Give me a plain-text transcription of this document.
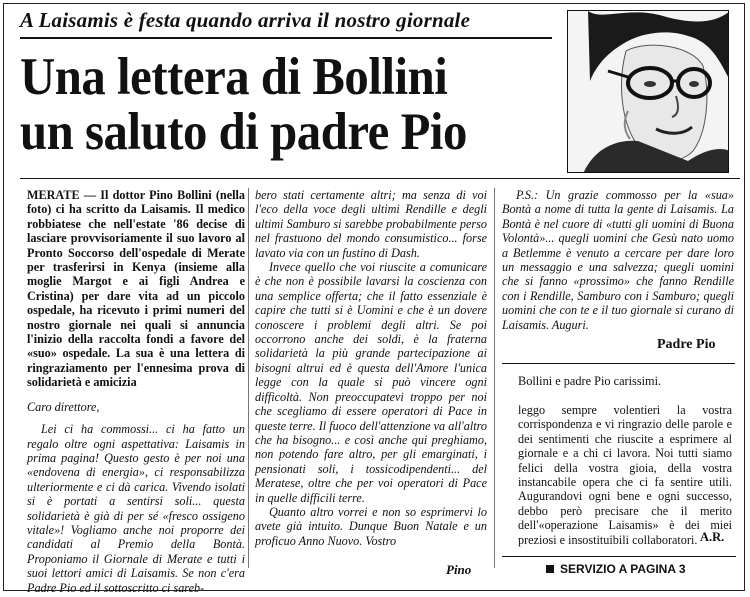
A Laisamis è festa quando arriva il nostro giornale
Una lettera di Bollini
un saluto di padre Pio

MERATE — Il dottor Pino Bollini (nella foto) ci ha scritto da Laisamis. Il medico robbiatese che nell'estate '86 decise di lasciare provvisoriamente il suo lavoro al Pronto Soccorso dell'ospedale di Merate per trasferirsi in Kenya (insieme alla moglie Margot e ai figli Andrea e Cristina) per dare vita ad un piccolo ospedale, ha ricevuto i primi numeri del nostro giornale nei quali si annuncia l'inizio della raccolta fondi a favore del «suo» ospedale. La sua è una lettera di ringraziamento per l'ennesima prova di solidarietà e amicizia

Caro direttore,

Lei ci ha commossi... ci ha fatto un regalo oltre ogni aspettativa: Laisamis in prima pagina! Questo gesto è per noi una «endovena di energia», ci responsabilizza ulteriormente e ci dà carica. Vivendo isolati si è portati a sentirsi soli... questa solidarietà è già di per sé «fresco ossigeno vitale»! Vogliamo anche noi proporre dei candidati al Premio della Bontà. Proponiamo il Giornale di Merate e tutti i suoi lettori amici di Laisamis. Se non c'era Padre Pio ed il sottoscritto ci sareb-

bero stati certamente altri; ma senza di voi l'eco della voce degli ultimi Rendille e degli ultimi Samburo si sarebbe probabilmente perso nel frastuono del mondo consumistico... forse lavato via con un fustino di Dash.

Invece quello che voi riuscite a comunicare è che non è possibile lavarsi la coscienza con una semplice offerta; che il fatto essenziale è capire che tutti si è Uomini e che è un dovere conoscere i problemi degli altri. Se poi occorrono anche dei soldi, è la fraterna solidarietà la più grande partecipazione ai bisogni altrui ed è questa dell'Amore l'unica legge con la quale si può vincere ogni difficoltà. Non preoccupatevi troppo per noi che scegliamo di essere operatori di Pace in queste terre. Il fuoco dell'attenzione va all'altro che ha bisogno... e così anche qui preghiamo, non potendo fare altro, per gli emarginati, i pensionati soli, i tossicodipendenti... del Meratese, oltre che per voi operatori di Pace in quelle difficili terre.

Quanto altro vorrei e non so esprimervi lo avete già intuito. Dunque Buon Natale e un proficuo Anno Nuovo. Vostro

Pino

P.S.: Un grazie commosso per la «sua» Bontà a nome di tutta la gente di Laisamis. La Bontà è nel cuore di «tutti gli uomini di Buona Volontà»... quegli uomini che Gesù nato uomo a Betlemme è venuto a cercare per dare loro un messaggio e una salvezza; quegli uomini che si fanno «prossimo» che fanno Rendille con i Rendille, Samburo con i Samburo; quegli uomini che con te e il tuo giornale si curano di Laisamis. Auguri.

Padre Pio
Bollini e padre Pio carissimi.
leggo sempre volentieri la vostra corrispondenza e vi ringrazio delle parole e dei sentimenti che riuscite a esprimere al giornale e a chi ci lavora. Noi tutti siamo felici della vostra gioia, della vostra instancabile opera che ci fa sentire utili. Augurandovi ogni bene e ogni successo, debbo però precisare che il merito dell'«operazione Laisamis» è dei miei preziosi e insostituibili collaboratori. A.R.
SERVIZIO A PAGINA 3
